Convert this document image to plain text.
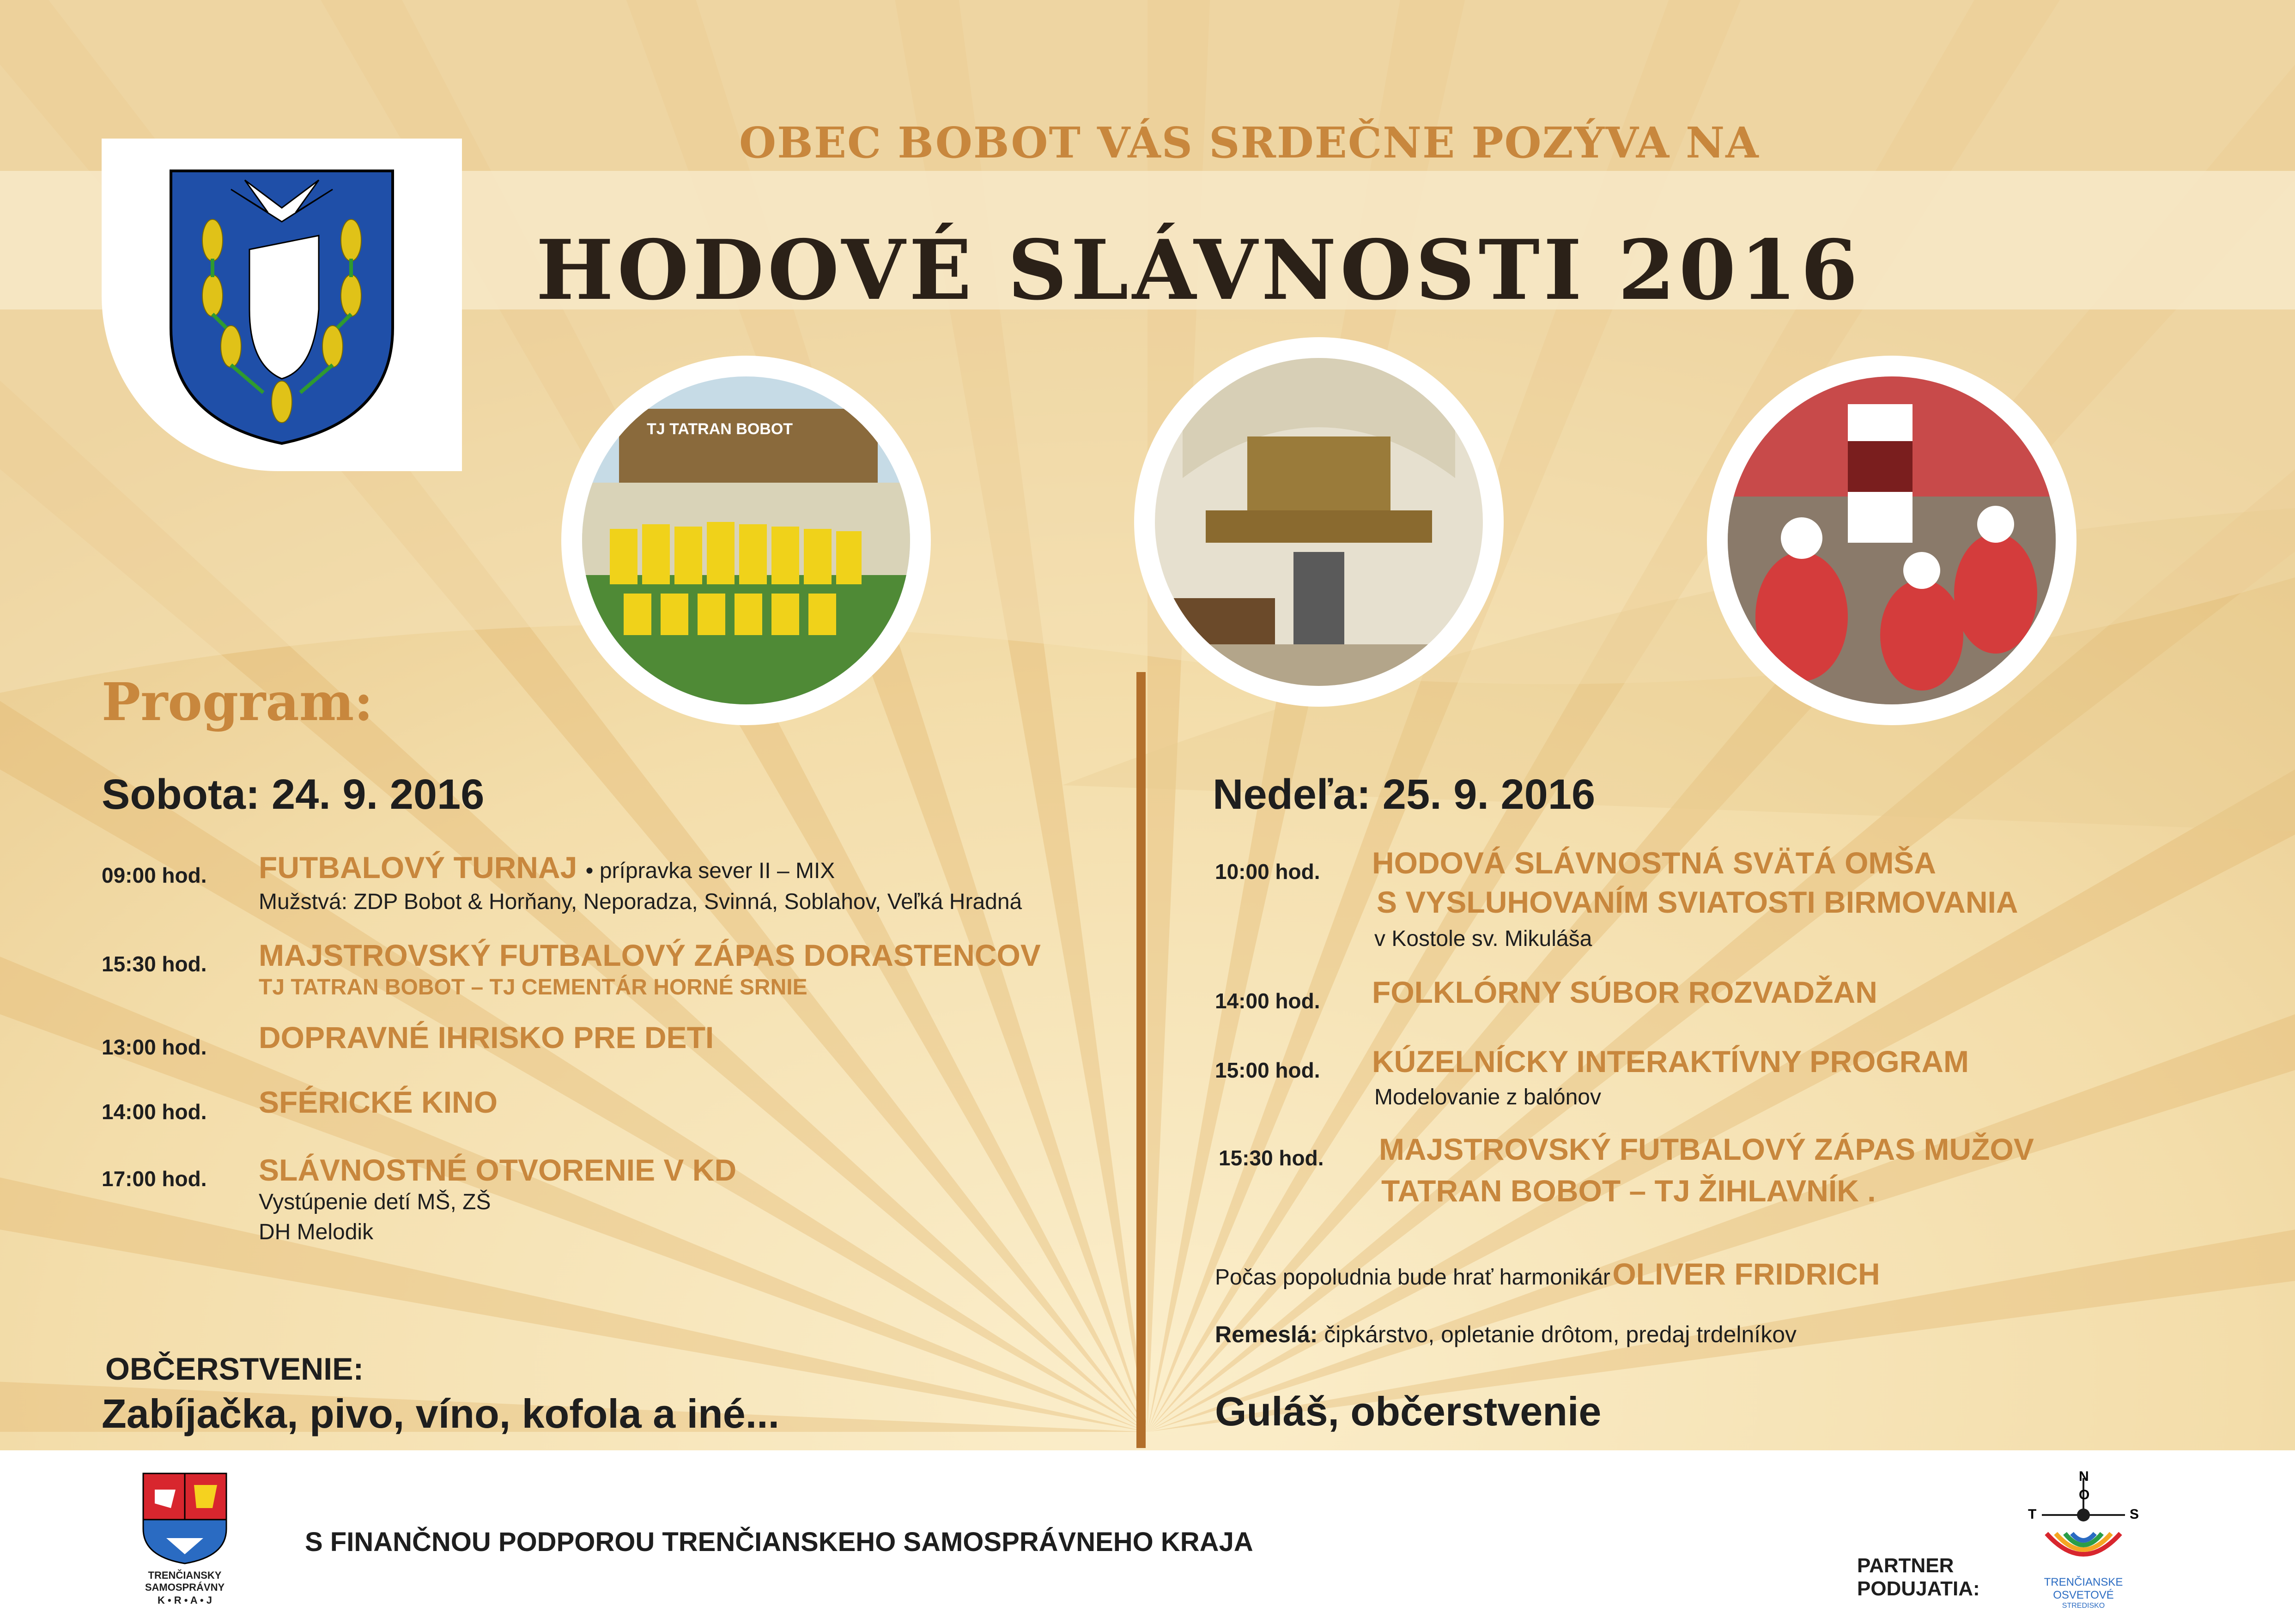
OBEC BOBOT VÁS SRDEČNE POZÝVA NA
HODOVÉ SLÁVNOSTI 2016
TJ TATRAN BOBOT
Program:
Sobota: 24. 9. 2016
09:00 hod. FUTBALOVÝ TURNAJ • prípravka sever II – MIX
Mužstvá: ZDP Bobot & Horňany, Neporadza, Svinná, Soblahov, Veľká Hradná
15:30 hod. MAJSTROVSKÝ FUTBALOVÝ ZÁPAS DORASTENCOV
TJ TATRAN BOBOT – TJ CEMENTÁR HORNÉ SRNIE
13:00 hod. DOPRAVNÉ IHRISKO PRE DETI
14:00 hod. SFÉRICKÉ KINO
17:00 hod. SLÁVNOSTNÉ OTVORENIE V KD
Vystúpenie detí MŠ, ZŠ
DH Melodik
OBČERSTVENIE:
Zabíjačka, pivo, víno, kofola a iné...
Nedeľa: 25. 9. 2016
10:00 hod. HODOVÁ SLÁVNOSTNÁ SVÄTÁ OMŠA
S VYSLUHOVANÍM SVIATOSTI BIRMOVANIA
v Kostole sv. Mikuláša
14:00 hod. FOLKLÓRNY SÚBOR ROZVADŽAN
15:00 hod. KÚZELNÍCKY INTERAKTÍVNY PROGRAM
Modelovanie z balónov
15:30 hod. MAJSTROVSKÝ FUTBALOVÝ ZÁPAS MUŽOV
TATRAN BOBOT – TJ ŽIHLAVNÍK .
Počas popoludnia bude hrať harmonikár OLIVER FRIDRICH
Remeslá: čipkárstvo, opletanie drôtom, predaj trdelníkov
Guláš, občerstvenie
TRENČIANSKY
SAMOSPRÁVNY
K • R • A • J
S FINANČNOU PODPOROU TRENČIANSKEHO SAMOSPRÁVNEHO KRAJA
PARTNER
PODUJATIA:
T
N
O
S
TRENČIANSKE
OSVETOVÉ
STREDISKO
